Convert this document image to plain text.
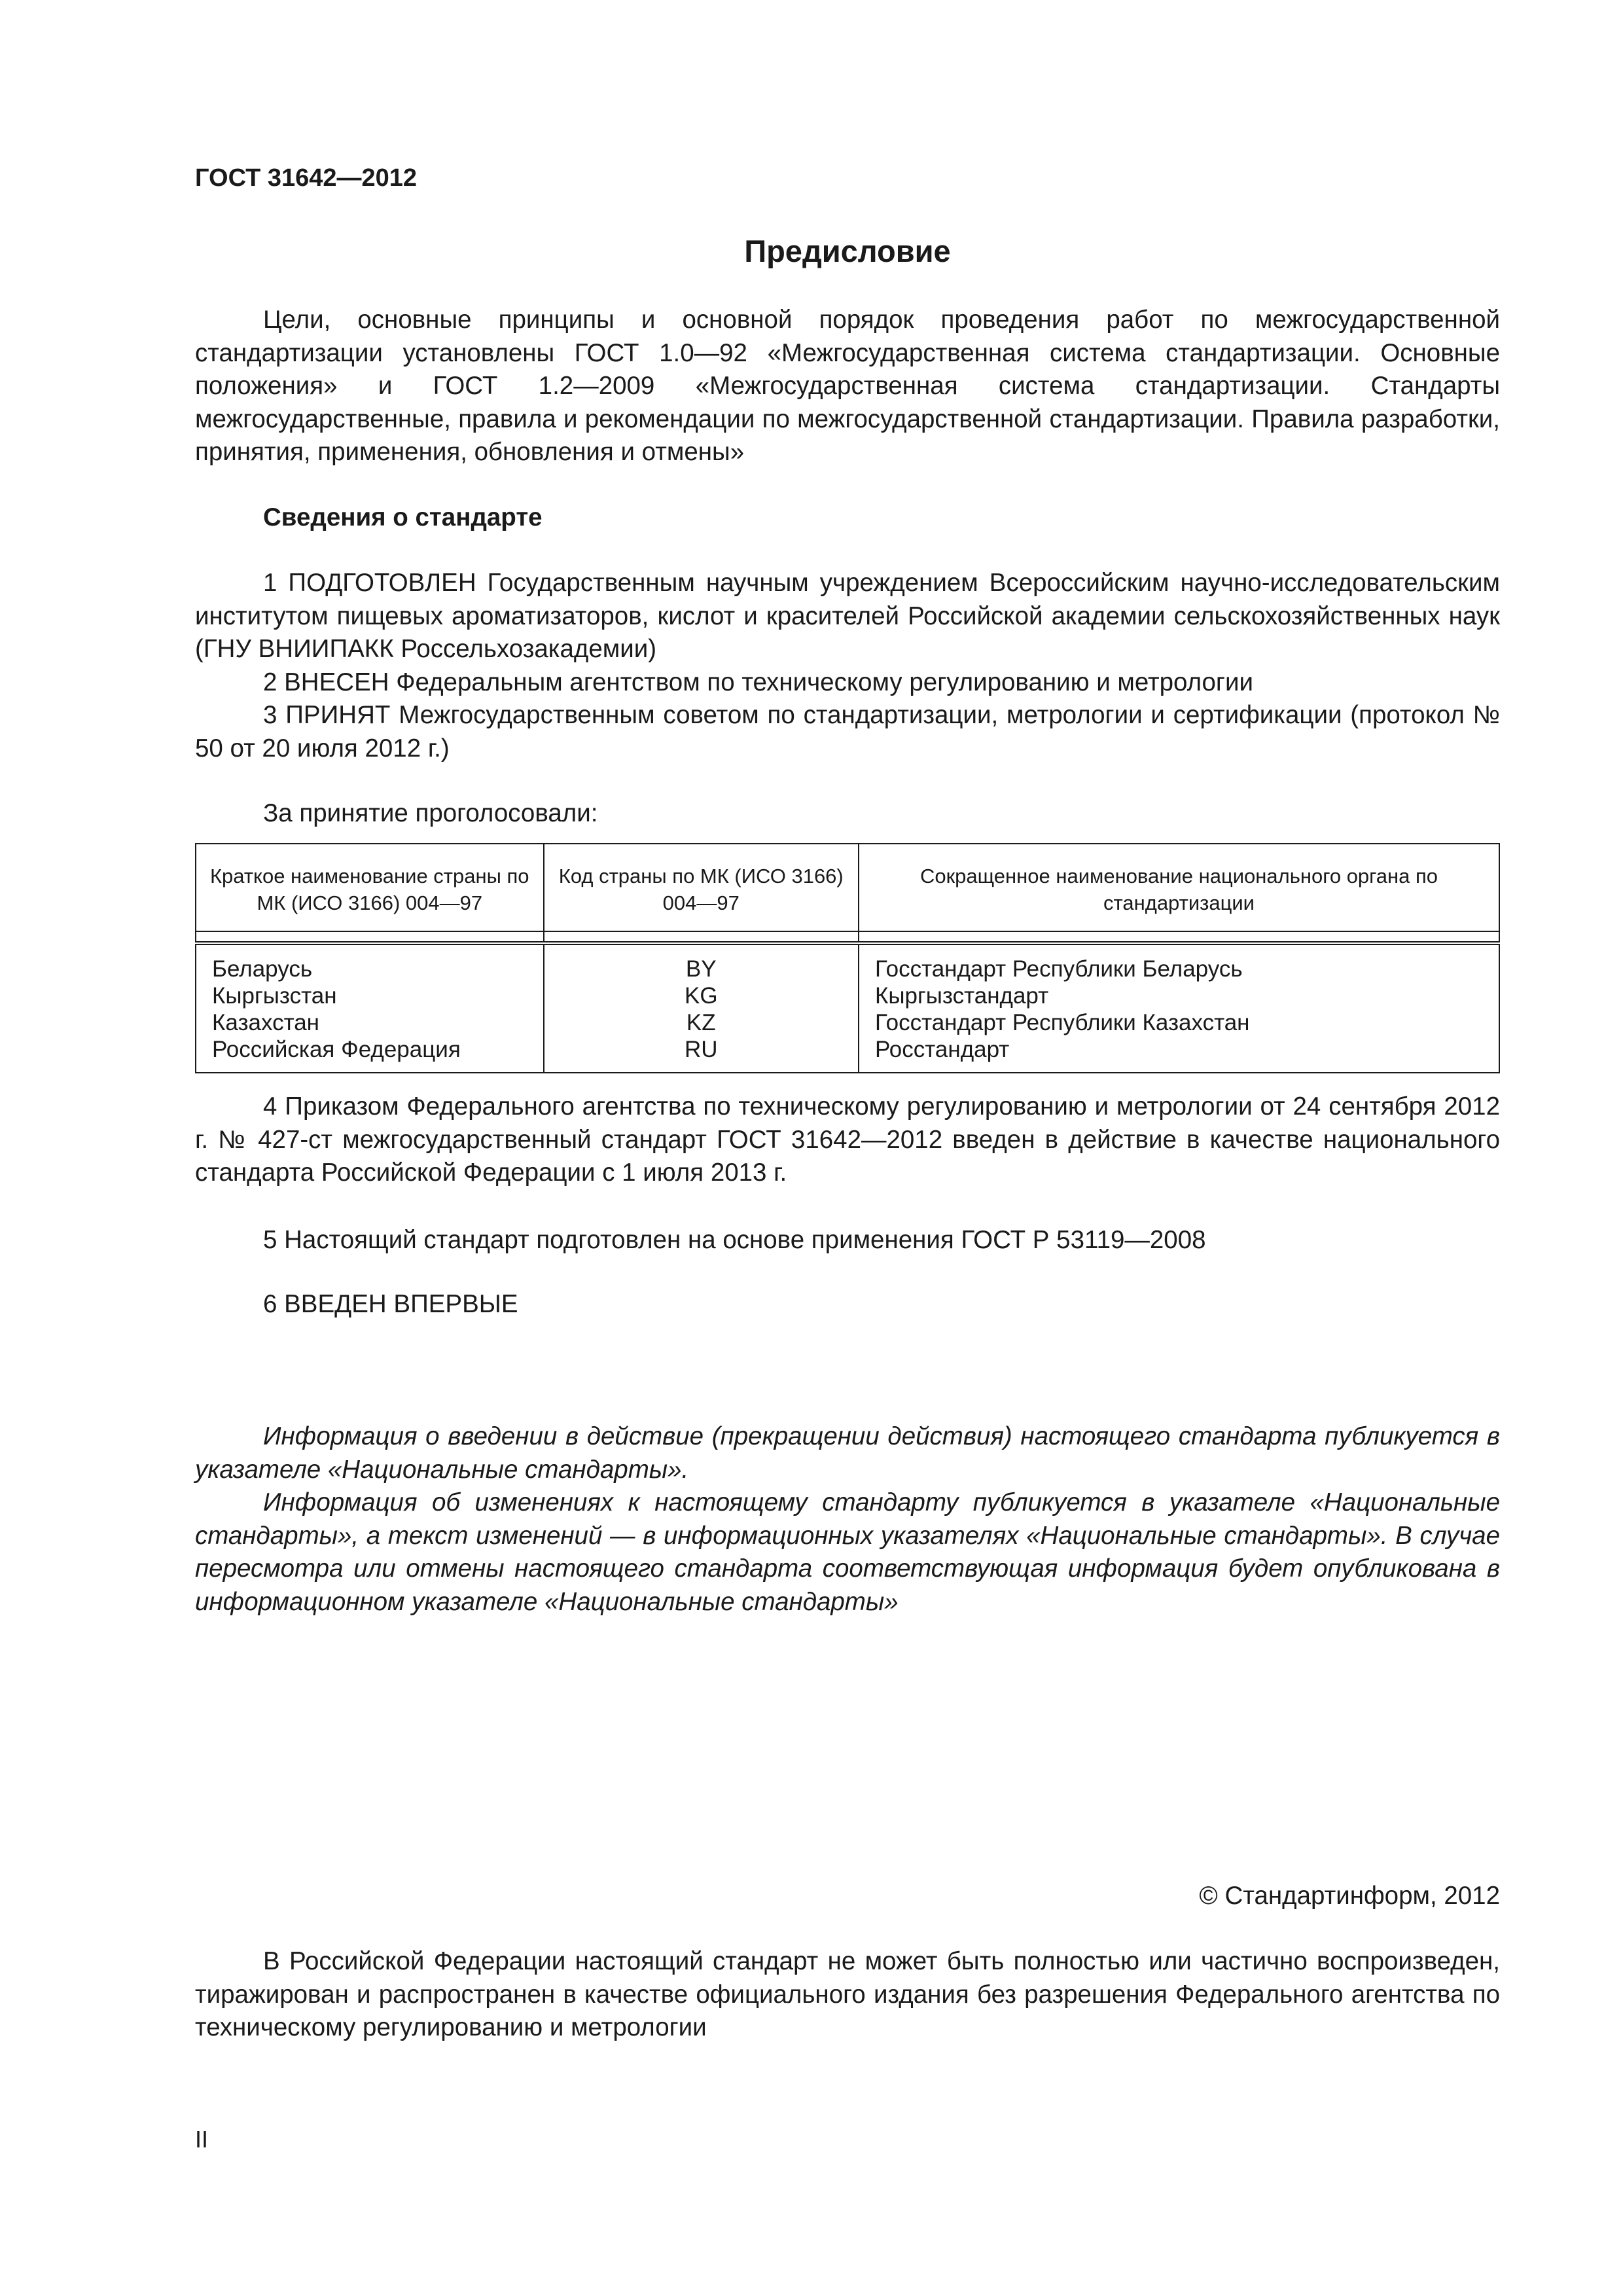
ГОСТ 31642—2012
Предисловие

Цели, основные принципы и основной порядок проведения работ по межгосударственной стандартизации установлены ГОСТ 1.0—92 «Межгосударственная система стандартизации. Основные положения» и ГОСТ 1.2—2009 «Межгосударственная система стандартизации. Стандарты межгосударственные, правила и рекомендации по межгосударственной стандартизации. Правила разработки, принятия, применения, обновления и отмены»

Сведения о стандарте

1 ПОДГОТОВЛЕН Государственным научным учреждением Всероссийским научно-исследовательским институтом пищевых ароматизаторов, кислот и красителей Российской академии сельскохозяйственных наук (ГНУ ВНИИПАКК Россельхозакадемии)

2 ВНЕСЕН Федеральным агентством по техническому регулированию и метрологии

3 ПРИНЯТ Межгосударственным советом по стандартизации, метрологии и сертификации (протокол № 50 от 20 июля 2012 г.)

За принятие проголосовали:
Краткое наименование страны по МК (ИСО 3166) 004—97	Код страны по МК (ИСО 3166) 004—97	Сокращенное наименование национального органа по стандартизации

Беларусь	BY	Госстандарт Республики Беларусь
Кыргызстан	KG	Кыргызстандарт
Казахстан	KZ	Госстандарт Республики Казахстан
Российская Федерация	RU	Росстандарт

4 Приказом Федерального агентства по техническому регулированию и метрологии от 24 сентября 2012 г. № 427-ст межгосударственный стандарт ГОСТ 31642—2012 введен в действие в качестве национального стандарта Российской Федерации с 1 июля 2013 г.

5 Настоящий стандарт подготовлен на основе применения ГОСТ Р 53119—2008

6 ВВЕДЕН ВПЕРВЫЕ

Информация о введении в действие (прекращении действия) настоящего стандарта публикуется в указателе «Национальные стандарты».

Информация об изменениях к настоящему стандарту публикуется в указателе «Национальные стандарты», а текст изменений — в информационных указателях «Национальные стандарты». В случае пересмотра или отмены настоящего стандарта соответствующая информация будет опубликована в информационном указателе «Национальные стандарты»

© Стандартинформ, 2012

В Российской Федерации настоящий стандарт не может быть полностью или частично воспроизведен, тиражирован и распространен в качестве официального издания без разрешения Федерального агентства по техническому регулированию и метрологии

II
